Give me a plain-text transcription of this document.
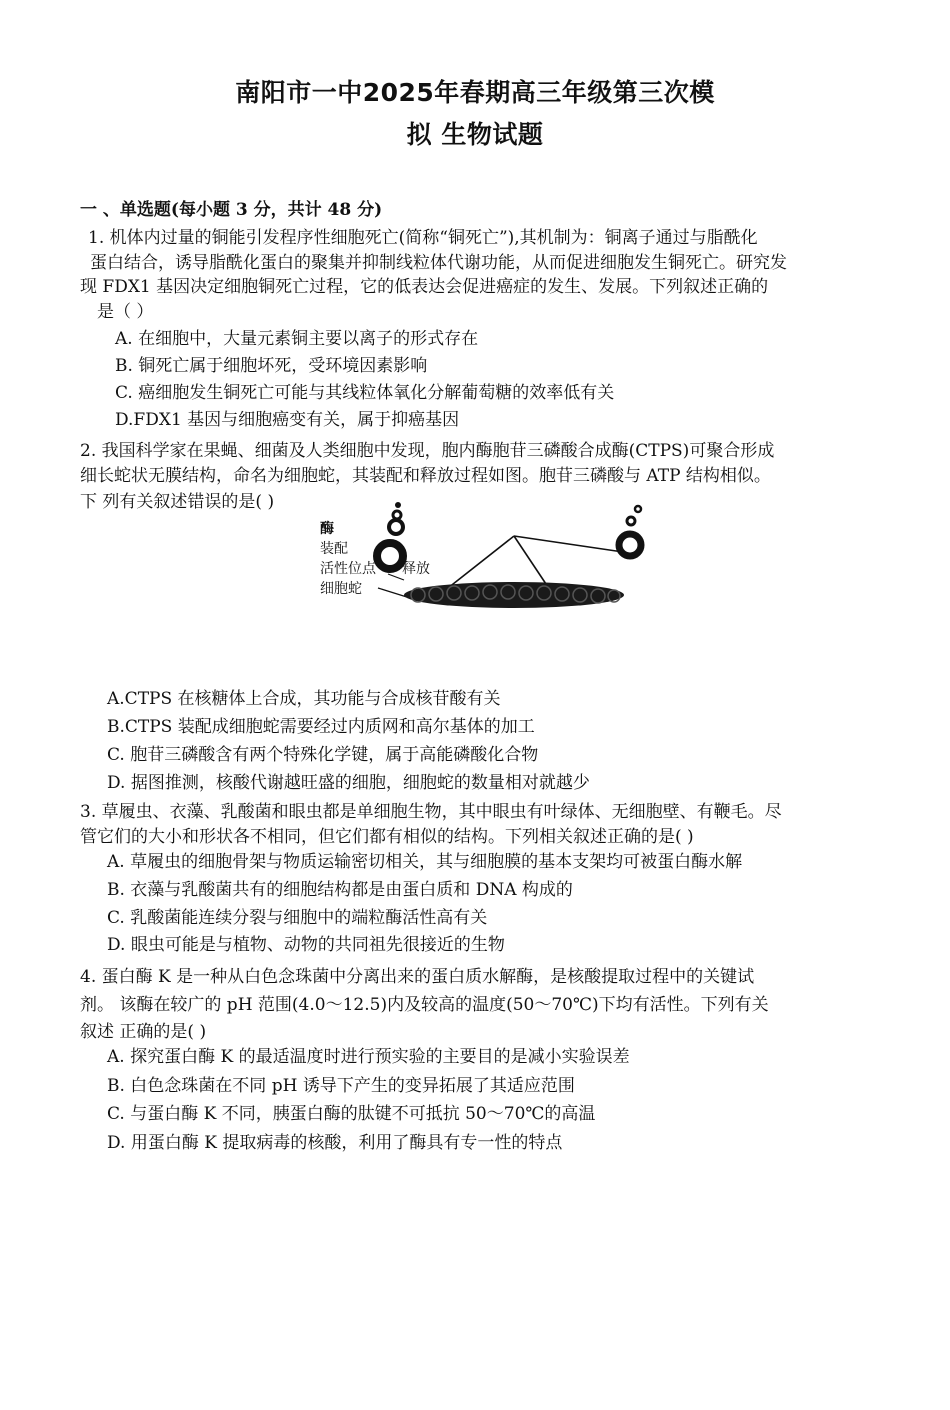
南阳市一中2025年春期高三年级第三次模
拟 生物试题
一 、单选题(每小题 3 分，共计 48 分)
1. 机体内过量的铜能引发程序性细胞死亡(简称“铜死亡”),其机制为：铜离子通过与脂酰化
蛋白结合，诱导脂酰化蛋白的聚集并抑制线粒体代谢功能，从而促进细胞发生铜死亡。研究发
现 FDX1 基因决定细胞铜死亡过程，它的低表达会促进癌症的发生、发展。下列叙述正确的
是（ ）
A. 在细胞中，大量元素铜主要以离子的形式存在
B. 铜死亡属于细胞坏死，受环境因素影响
C. 癌细胞发生铜死亡可能与其线粒体氧化分解葡萄糖的效率低有关
D.FDX1 基因与细胞癌变有关，属于抑癌基因
2. 我国科学家在果蝇、细菌及人类细胞中发现，胞内酶胞苷三磷酸合成酶(CTPS)可聚合形成
细长蛇状无膜结构，命名为细胞蛇，其装配和释放过程如图。胞苷三磷酸与 ATP 结构相似。
下 列有关叙述错误的是( )
酶
装配
活性位点 释放
细胞蛇
A.CTPS 在核糖体上合成，其功能与合成核苷酸有关
B.CTPS 装配成细胞蛇需要经过内质网和高尔基体的加工
C. 胞苷三磷酸含有两个特殊化学键，属于高能磷酸化合物
D. 据图推测，核酸代谢越旺盛的细胞，细胞蛇的数量相对就越少
3. 草履虫、衣藻、乳酸菌和眼虫都是单细胞生物，其中眼虫有叶绿体、无细胞壁、有鞭毛。尽
管它们的大小和形状各不相同，但它们都有相似的结构。下列相关叙述正确的是( )
A. 草履虫的细胞骨架与物质运输密切相关，其与细胞膜的基本支架均可被蛋白酶水解
B. 衣藻与乳酸菌共有的细胞结构都是由蛋白质和 DNA 构成的
C. 乳酸菌能连续分裂与细胞中的端粒酶活性高有关
D. 眼虫可能是与植物、动物的共同祖先很接近的生物
4. 蛋白酶 K 是一种从白色念珠菌中分离出来的蛋白质水解酶，是核酸提取过程中的关键试
剂。 该酶在较广的 pH 范围(4.0～12.5)内及较高的温度(50～70℃)下均有活性。下列有关
叙述 正确的是( )
A. 探究蛋白酶 K 的最适温度时进行预实验的主要目的是减小实验误差
B. 白色念珠菌在不同 pH 诱导下产生的变异拓展了其适应范围
C. 与蛋白酶 K 不同，胰蛋白酶的肽键不可抵抗 50～70℃的高温
D. 用蛋白酶 K 提取病毒的核酸，利用了酶具有专一性的特点
